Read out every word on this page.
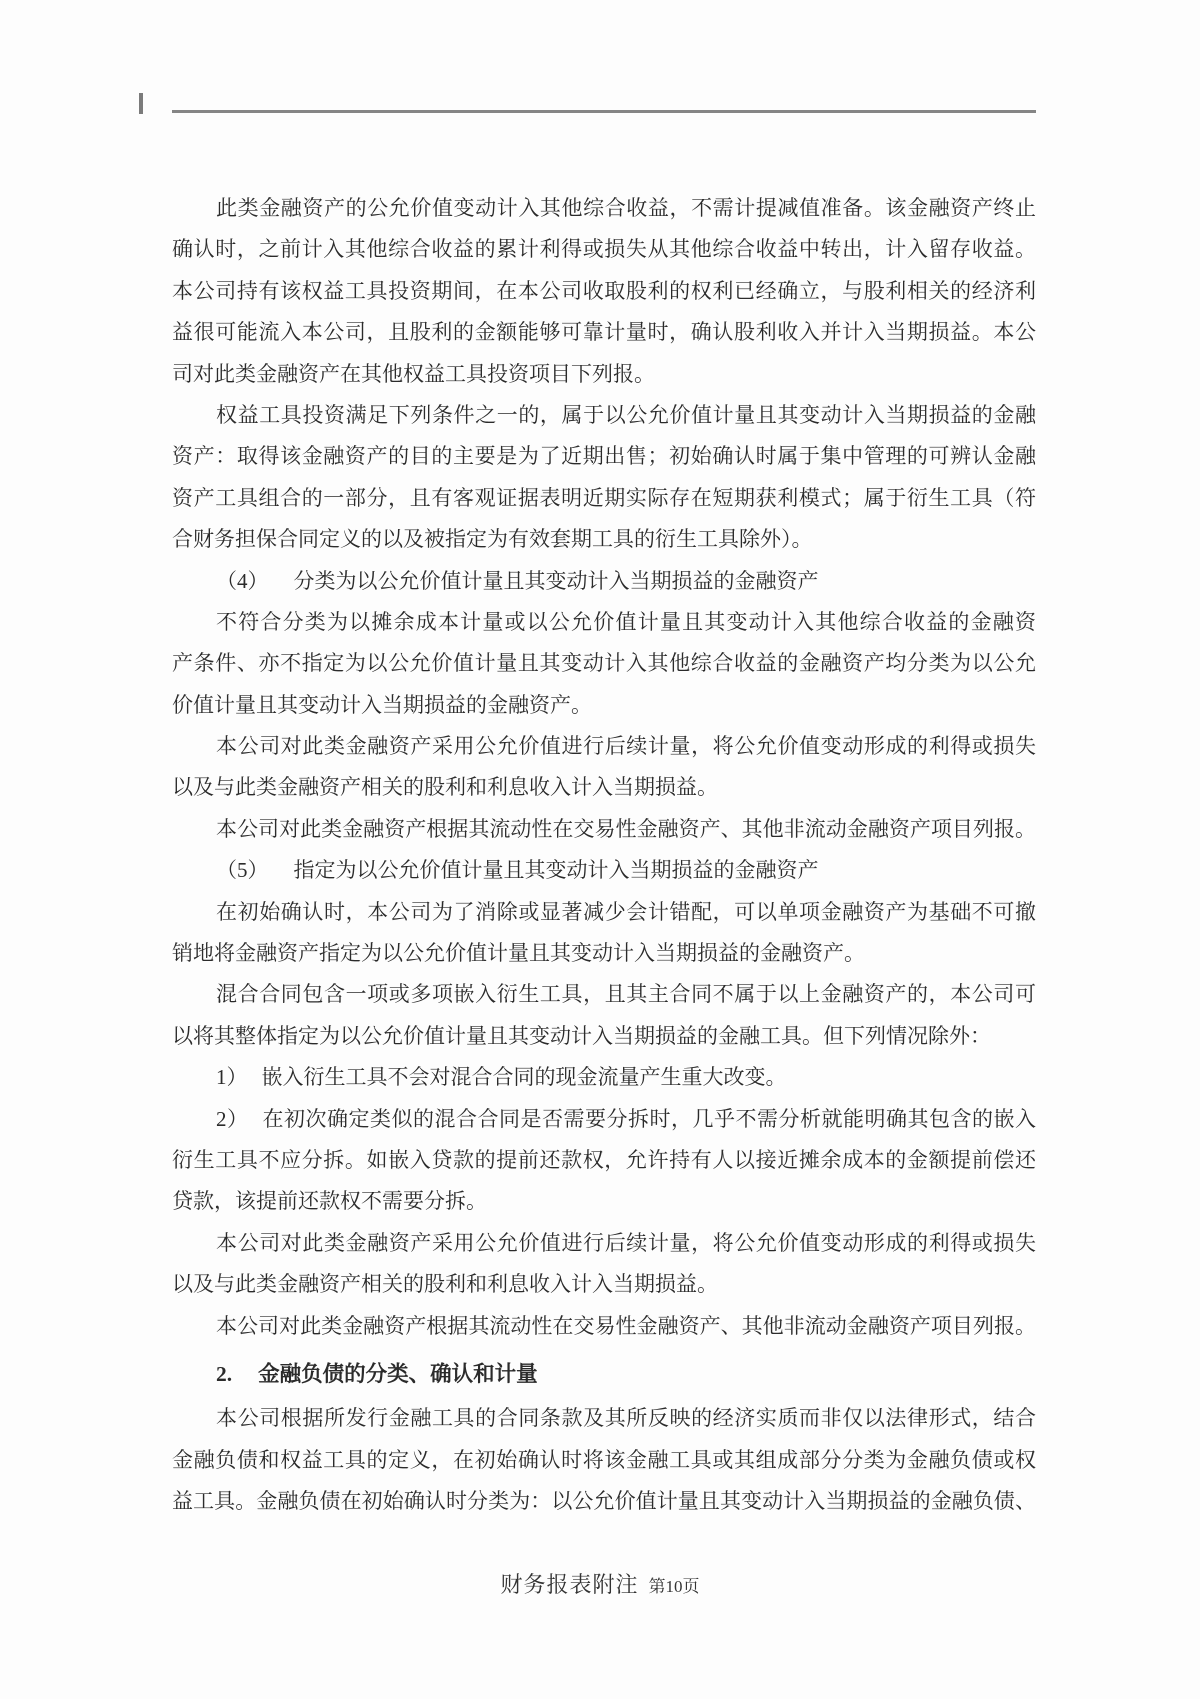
此类金融资产的公允价值变动计入其他综合收益，不需计提减值准备。该金融资产终止
确认时，之前计入其他综合收益的累计利得或损失从其他综合收益中转出，计入留存收益。
本公司持有该权益工具投资期间，在本公司收取股利的权利已经确立，与股利相关的经济利
益很可能流入本公司，且股利的金额能够可靠计量时，确认股利收入并计入当期损益。本公
司对此类金融资产在其他权益工具投资项目下列报。
权益工具投资满足下列条件之一的，属于以公允价值计量且其变动计入当期损益的金融
资产：取得该金融资产的目的主要是为了近期出售；初始确认时属于集中管理的可辨认金融
资产工具组合的一部分，且有客观证据表明近期实际存在短期获利模式；属于衍生工具（符
合财务担保合同定义的以及被指定为有效套期工具的衍生工具除外）。
（4） 分类为以公允价值计量且其变动计入当期损益的金融资产
不符合分类为以摊余成本计量或以公允价值计量且其变动计入其他综合收益的金融资
产条件、亦不指定为以公允价值计量且其变动计入其他综合收益的金融资产均分类为以公允
价值计量且其变动计入当期损益的金融资产。
本公司对此类金融资产采用公允价值进行后续计量，将公允价值变动形成的利得或损失
以及与此类金融资产相关的股利和利息收入计入当期损益。
本公司对此类金融资产根据其流动性在交易性金融资产、其他非流动金融资产项目列报。
（5） 指定为以公允价值计量且其变动计入当期损益的金融资产
在初始确认时，本公司为了消除或显著减少会计错配，可以单项金融资产为基础不可撤
销地将金融资产指定为以公允价值计量且其变动计入当期损益的金融资产。
混合合同包含一项或多项嵌入衍生工具，且其主合同不属于以上金融资产的，本公司可
以将其整体指定为以公允价值计量且其变动计入当期损益的金融工具。但下列情况除外：
1） 嵌入衍生工具不会对混合合同的现金流量产生重大改变。
2） 在初次确定类似的混合合同是否需要分拆时，几乎不需分析就能明确其包含的嵌入
衍生工具不应分拆。如嵌入贷款的提前还款权，允许持有人以接近摊余成本的金额提前偿还
贷款，该提前还款权不需要分拆。
本公司对此类金融资产采用公允价值进行后续计量，将公允价值变动形成的利得或损失
以及与此类金融资产相关的股利和利息收入计入当期损益。
本公司对此类金融资产根据其流动性在交易性金融资产、其他非流动金融资产项目列报。
2. 金融负债的分类、确认和计量
本公司根据所发行金融工具的合同条款及其所反映的经济实质而非仅以法律形式，结合
金融负债和权益工具的定义，在初始确认时将该金融工具或其组成部分分类为金融负债或权
益工具。金融负债在初始确认时分类为：以公允价值计量且其变动计入当期损益的金融负债、
财务报表附注 第10页
